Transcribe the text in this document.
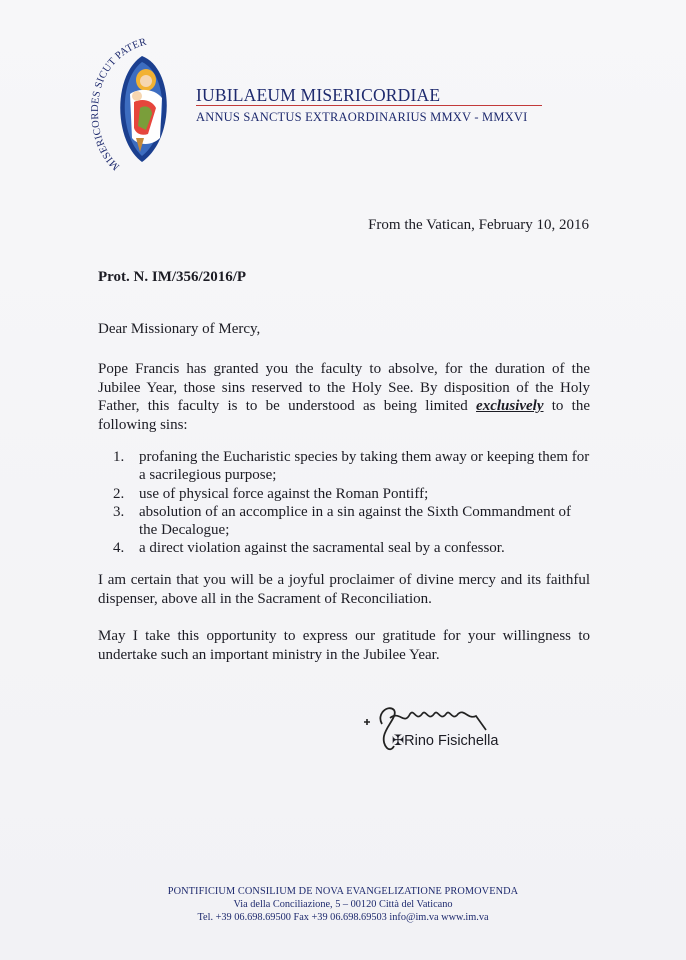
MISERICORDES SICUT PATER
IUBILAEUM MISERICORDIAE
ANNUS SANCTUS EXTRAORDINARIUS MMXV - MMXVI
From the Vatican, February 10, 2016
Prot. N. IM/356/2016/P
Dear Missionary of Mercy,
Pope Francis has granted you the faculty to absolve, for the duration of the Jubilee Year, those sins reserved to the Holy See. By disposition of the Holy Father, this faculty is to be understood as being limited exclusively to the following sins:
1. profaning the Eucharistic species by taking them away or keeping them for a sacrilegious purpose;
2. use of physical force against the Roman Pontiff;
3. absolution of an accomplice in a sin against the Sixth Commandment of the Decalogue;
4. a direct violation against the sacramental seal by a confessor.
I am certain that you will be a joyful proclaimer of divine mercy and its faithful dispenser, above all in the Sacrament of Reconciliation.
May I take this opportunity to express our gratitude for your willingness to undertake such an important ministry in the Jubilee Year.
✠Rino Fisichella
PONTIFICIUM CONSILIUM DE NOVA EVANGELIZATIONE PROMOVENDA
Via della Conciliazione, 5 – 00120 Città del Vaticano
Tel. +39 06.698.69500 Fax +39 06.698.69503 info@im.va www.im.va
